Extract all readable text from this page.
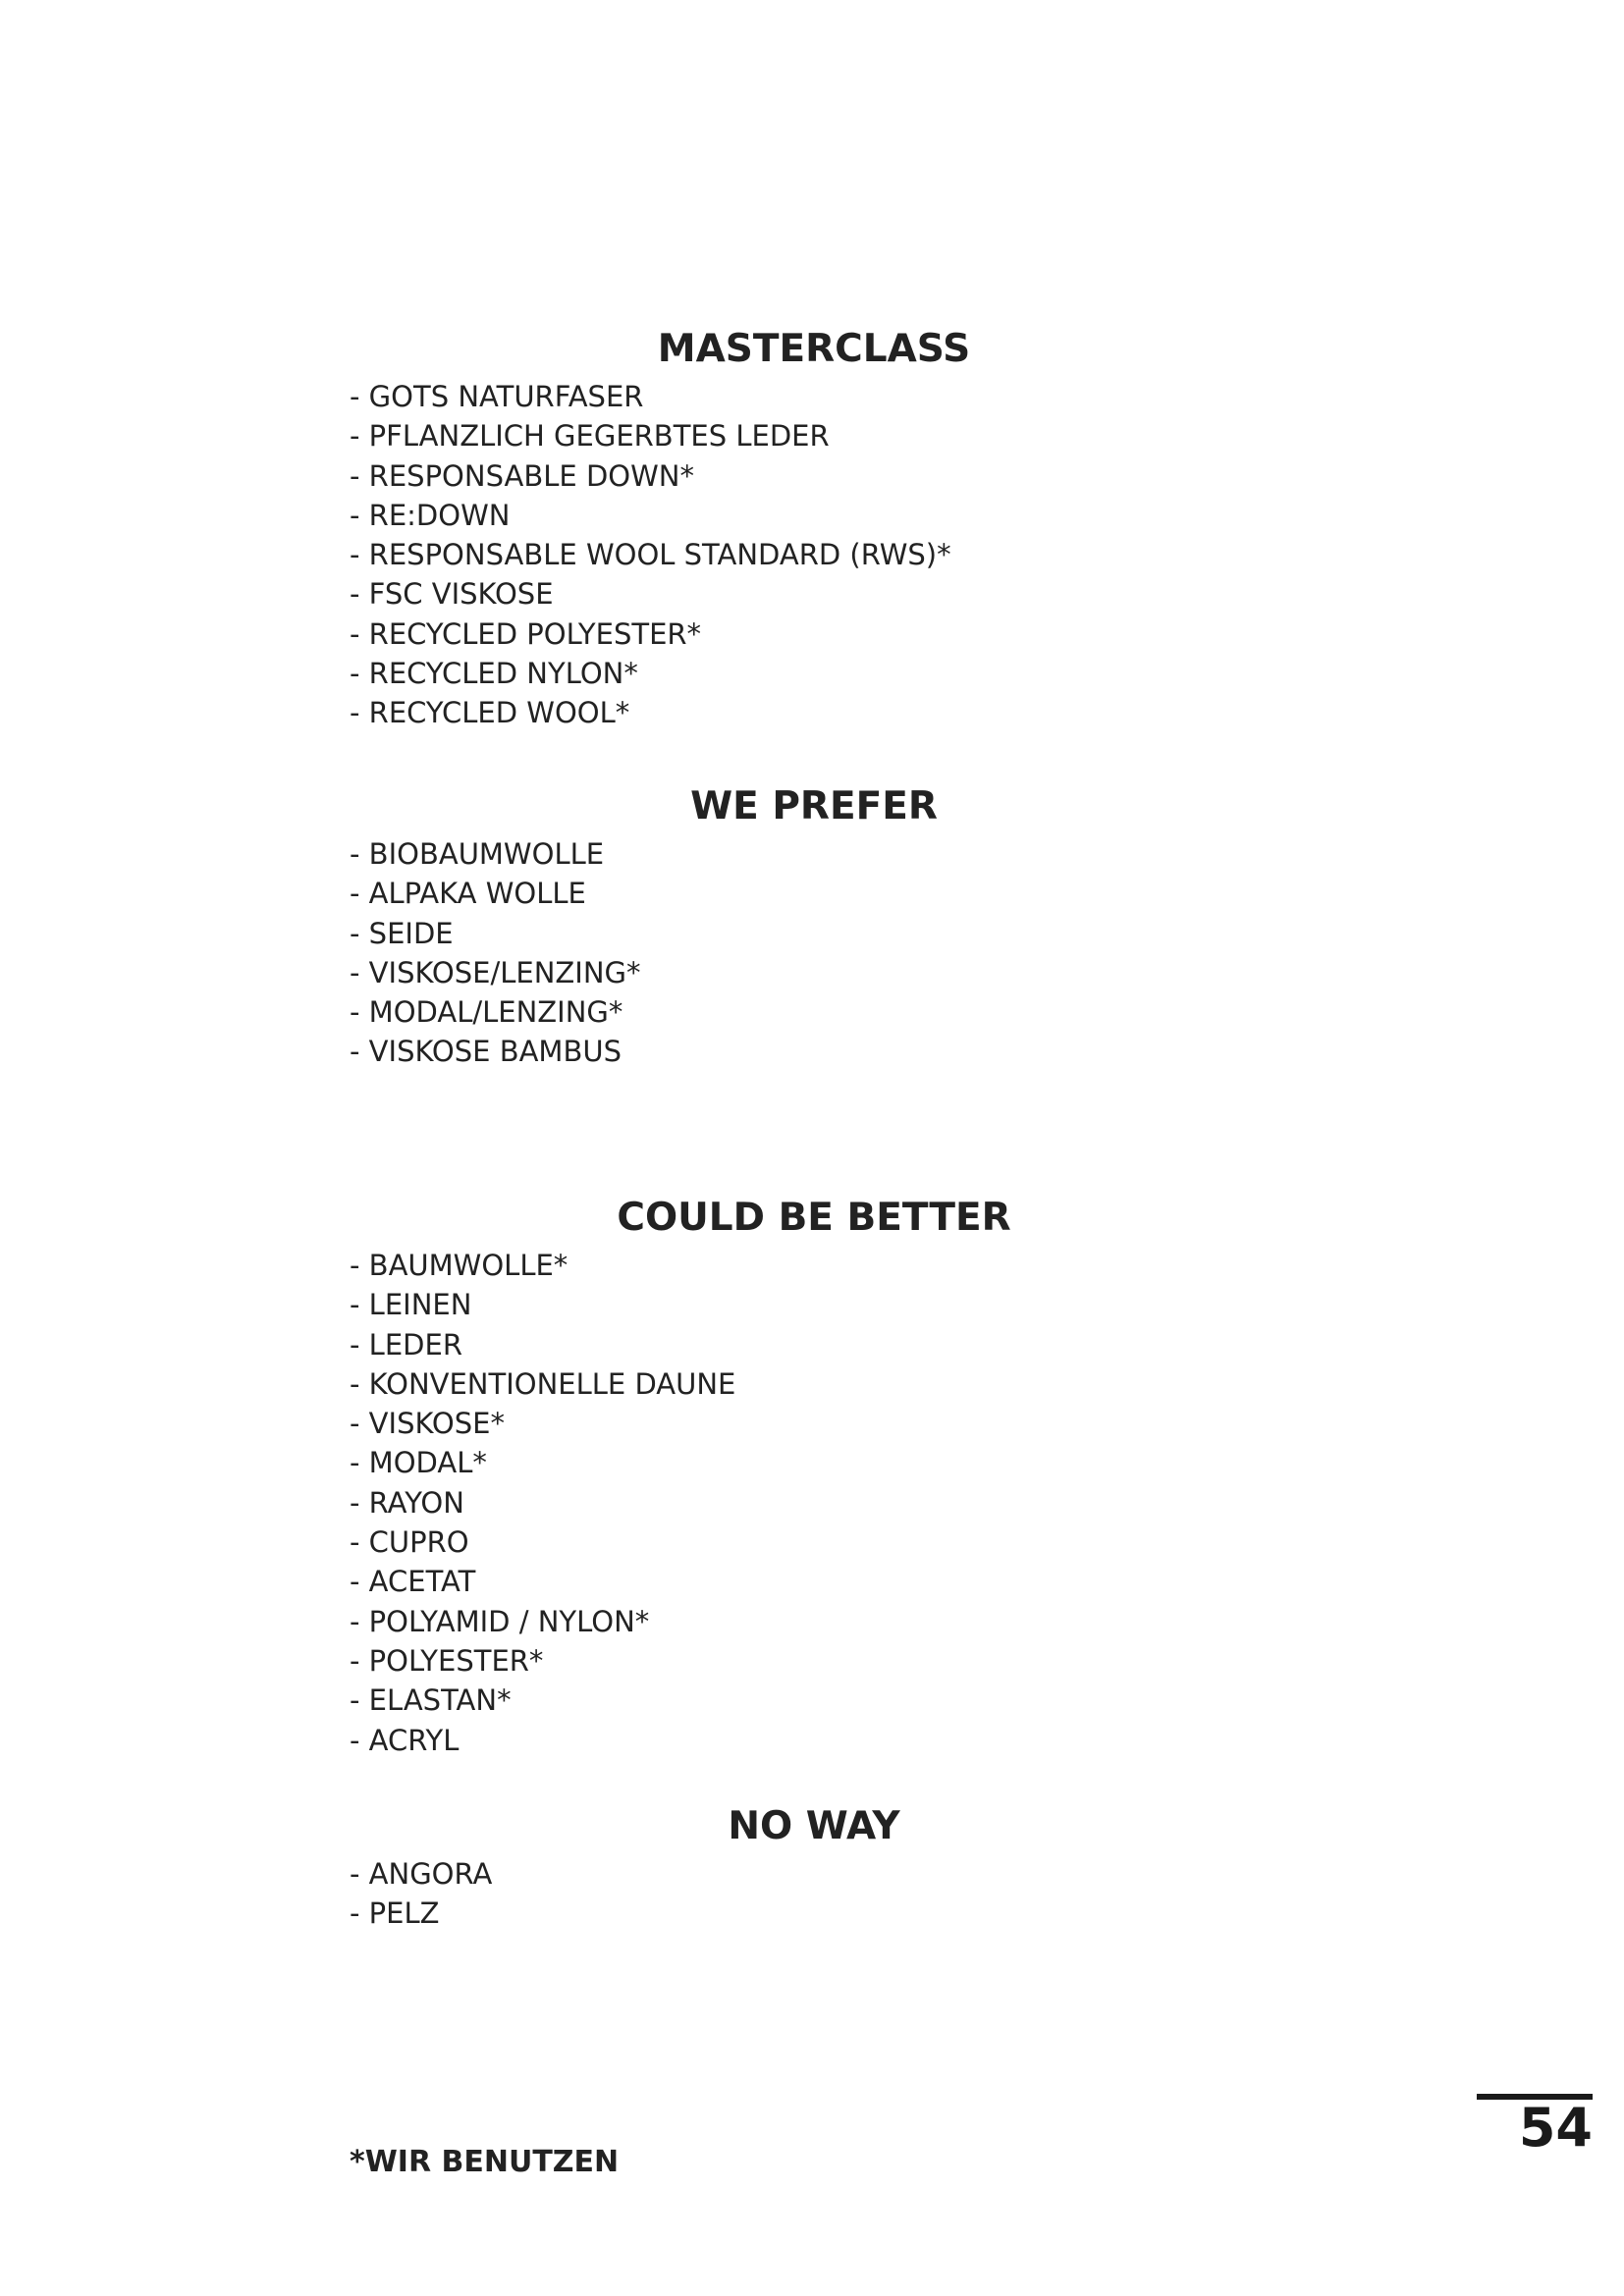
MASTERCLASS
- GOTS NATURFASER
- PFLANZLICH GEGERBTES LEDER
- RESPONSABLE DOWN*
- RE:DOWN
- RESPONSABLE WOOL STANDARD (RWS)*
- FSC VISKOSE
- RECYCLED POLYESTER*
- RECYCLED NYLON*
- RECYCLED WOOL*
WE PREFER
- BIOBAUMWOLLE
- ALPAKA WOLLE
- SEIDE
- VISKOSE/LENZING*
- MODAL/LENZING*
- VISKOSE BAMBUS
COULD BE BETTER
- BAUMWOLLE*
- LEINEN
- LEDER
- KONVENTIONELLE DAUNE
- VISKOSE*
- MODAL*
- RAYON
- CUPRO
- ACETAT
- POLYAMID / NYLON*
- POLYESTER*
- ELASTAN*
- ACRYL
NO WAY
- ANGORA
- PELZ
54
*WIR BENUTZEN
